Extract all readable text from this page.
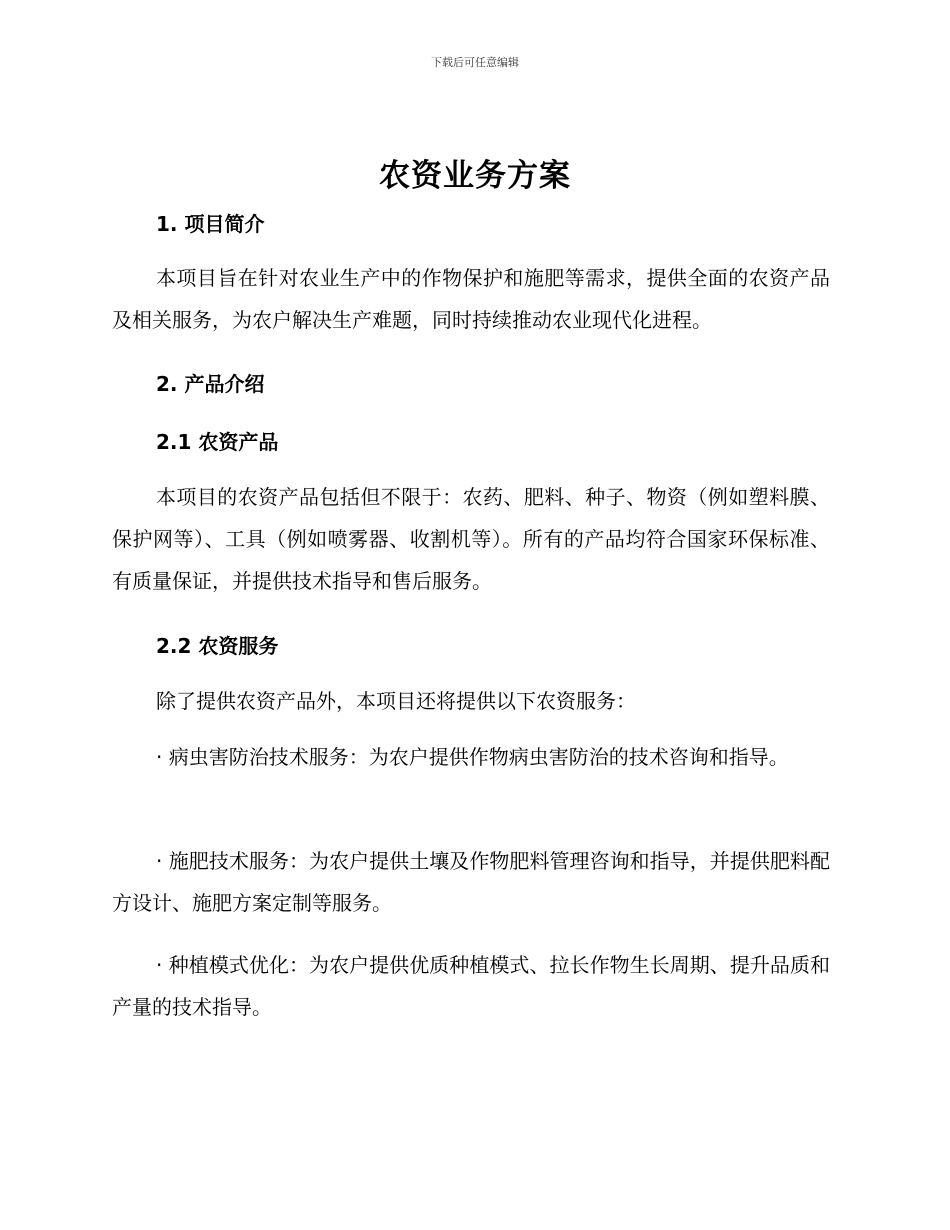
下载后可任意编辑
农资业务方案
1. 项目简介

本项目旨在针对农业生产中的作物保护和施肥等需求，提供全面的农资产品及相关服务，为农户解决生产难题，同时持续推动农业现代化进程。

2. 产品介绍
2.1 农资产品

本项目的农资产品包括但不限于：农药、肥料、种子、物资（例如塑料膜、保护网等）、工具（例如喷雾器、收割机等）。所有的产品均符合国家环保标准、有质量保证，并提供技术指导和售后服务。

2.2 农资服务

除了提供农资产品外，本项目还将提供以下农资服务：

· 病虫害防治技术服务：为农户提供作物病虫害防治的技术咨询和指导。

· 施肥技术服务：为农户提供土壤及作物肥料管理咨询和指导，并提供肥料配方设计、施肥方案定制等服务。

· 种植模式优化：为农户提供优质种植模式、拉长作物生长周期、提升品质和产量的技术指导。
